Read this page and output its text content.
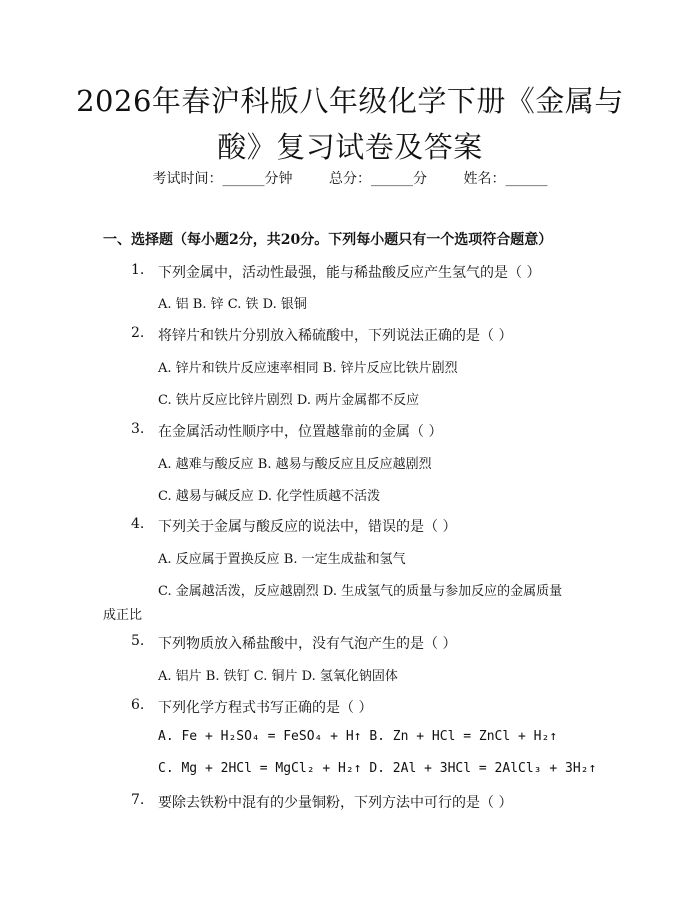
2026年春沪科版八年级化学下册《金属与
酸》复习试卷及答案
考试时间：______分钟	总分：______分	姓名：______
一、选择题（每小题2分，共20分。下列每小题只有一个选项符合题意）
1. 下列金属中，活动性最强，能与稀盐酸反应产生氢气的是（ ）
A. 铝 B. 锌 C. 铁 D. 银铜
2. 将锌片和铁片分别放入稀硫酸中，下列说法正确的是（ ）
A. 锌片和铁片反应速率相同 B. 锌片反应比铁片剧烈
C. 铁片反应比锌片剧烈 D. 两片金属都不反应
3. 在金属活动性顺序中，位置越靠前的金属（ ）
A. 越难与酸反应 B. 越易与酸反应且反应越剧烈
C. 越易与碱反应 D. 化学性质越不活泼
4. 下列关于金属与酸反应的说法中，错误的是（ ）
A. 反应属于置换反应 B. 一定生成盐和氢气
C. 金属越活泼，反应越剧烈 D. 生成氢气的质量与参加反应的金属质量
成正比
5. 下列物质放入稀盐酸中，没有气泡产生的是（ ）
A. 铝片 B. 铁钉 C. 铜片 D. 氢氧化钠固体
6. 下列化学方程式书写正确的是（ ）
A. Fe + H₂SO₄ = FeSO₄ + H↑ B. Zn + HCl = ZnCl + H₂↑
C. Mg + 2HCl = MgCl₂ + H₂↑ D. 2Al + 3HCl = 2AlCl₃ + 3H₂↑
7. 要除去铁粉中混有的少量铜粉，下列方法中可行的是（ ）
